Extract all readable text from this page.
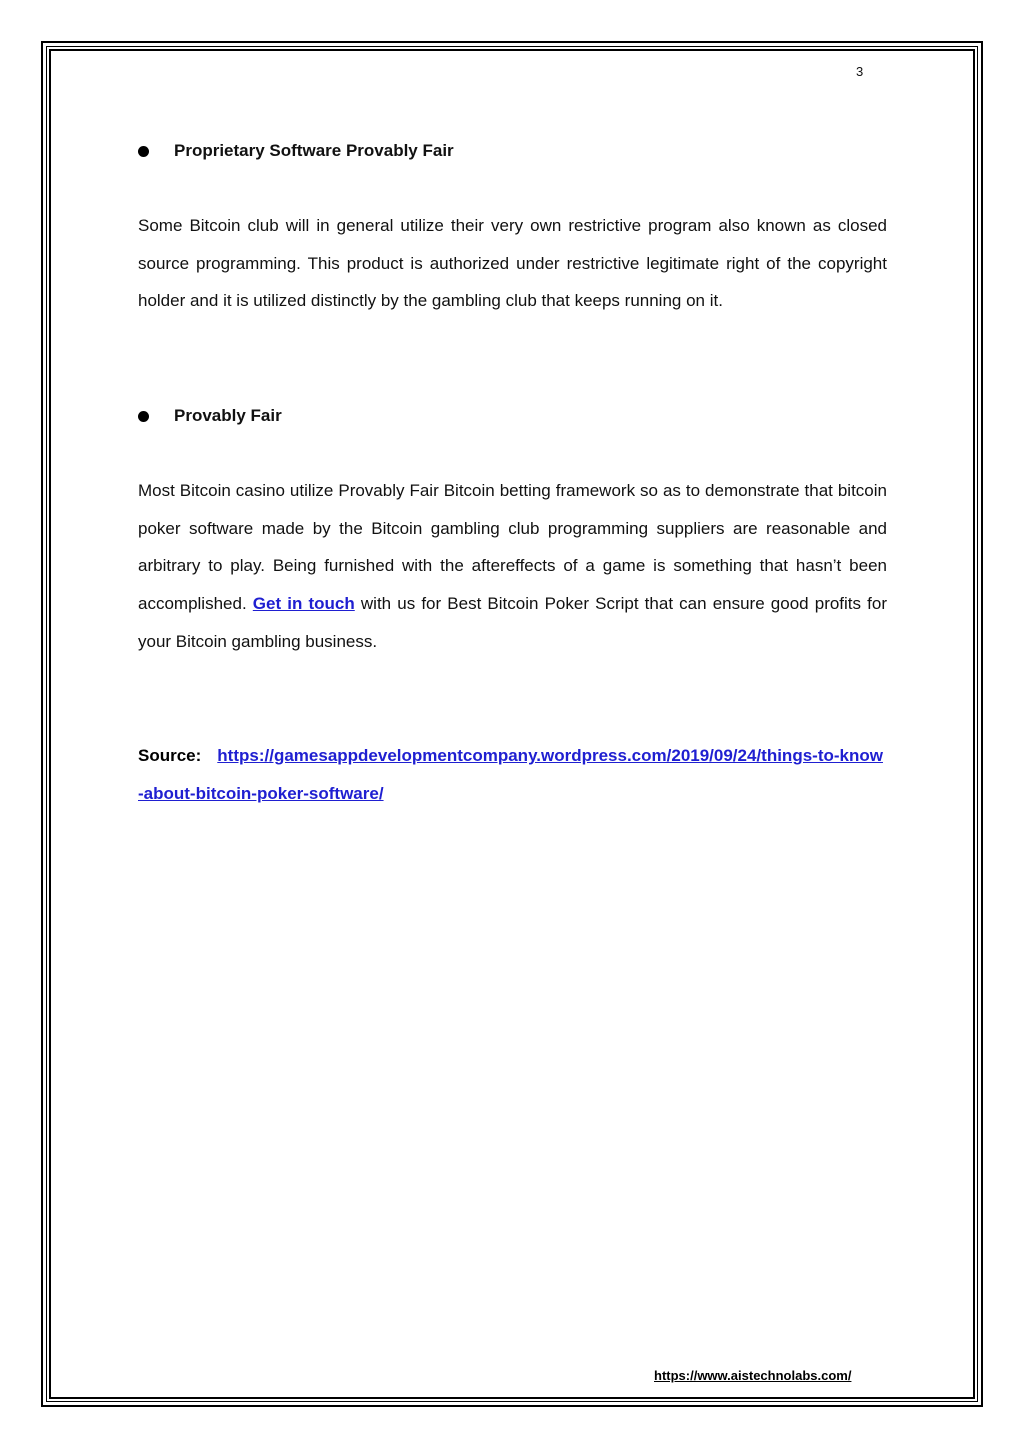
3
Proprietary Software Provably Fair

Some Bitcoin club will in general utilize their very own restrictive program also known as closed source programming. This product is authorized under restrictive legitimate right of the copyright holder and it is utilized distinctly by the gambling club that keeps running on it.

Provably Fair

Most Bitcoin casino utilize Provably Fair Bitcoin betting framework so as to demonstrate that bitcoin poker software made by the Bitcoin gambling club programming suppliers are reasonable and arbitrary to play. Being furnished with the aftereffects of a game is something that hasn’t been accomplished. Get in touch with us for Best Bitcoin Poker Script that can ensure good profits for your Bitcoin gambling business.

Source: https://gamesappdevelopmentcompany.wordpress.com/2019/09/24/things-to-know-about-bitcoin-poker-software/
https://www.aistechnolabs.com/
